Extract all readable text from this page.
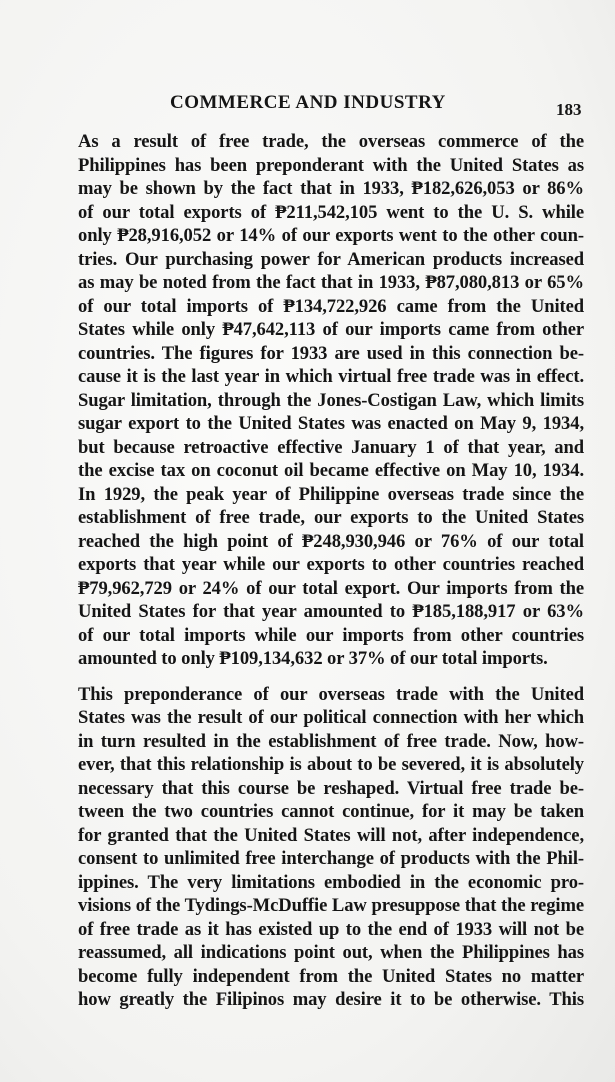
COMMERCE AND INDUSTRY	183

As a result of free trade, the overseas commerce of the
Philippines has been preponderant with the United States as
may be shown by the fact that in 1933, ₱182,626,053 or 86%
of our total exports of ₱211,542,105 went to the U. S. while
only ₱28,916,052 or 14% of our exports went to the other coun-
tries. Our purchasing power for American products increased
as may be noted from the fact that in 1933, ₱87,080,813 or 65%
of our total imports of ₱134,722,926 came from the United
States while only ₱47,642,113 of our imports came from other
countries. The figures for 1933 are used in this connection be-
cause it is the last year in which virtual free trade was in effect.
Sugar limitation, through the Jones-Costigan Law, which limits
sugar export to the United States was enacted on May 9, 1934,
but because retroactive effective January 1 of that year, and
the excise tax on coconut oil became effective on May 10, 1934.
In 1929, the peak year of Philippine overseas trade since the
establishment of free trade, our exports to the United States
reached the high point of ₱248,930,946 or 76% of our total
exports that year while our exports to other countries reached
₱79,962,729 or 24% of our total export. Our imports from the
United States for that year amounted to ₱185,188,917 or 63%
of our total imports while our imports from other countries
amounted to only ₱109,134,632 or 37% of our total imports.

This preponderance of our overseas trade with the United
States was the result of our political connection with her which
in turn resulted in the establishment of free trade. Now, how-
ever, that this relationship is about to be severed, it is absolutely
necessary that this course be reshaped. Virtual free trade be-
tween the two countries cannot continue, for it may be taken
for granted that the United States will not, after independence,
consent to unlimited free interchange of products with the Phil-
ippines. The very limitations embodied in the economic pro-
visions of the Tydings-McDuffie Law presuppose that the regime
of free trade as it has existed up to the end of 1933 will not be
reassumed, all indications point out, when the Philippines has
become fully independent from the United States no matter
how greatly the Filipinos may desire it to be otherwise. This
